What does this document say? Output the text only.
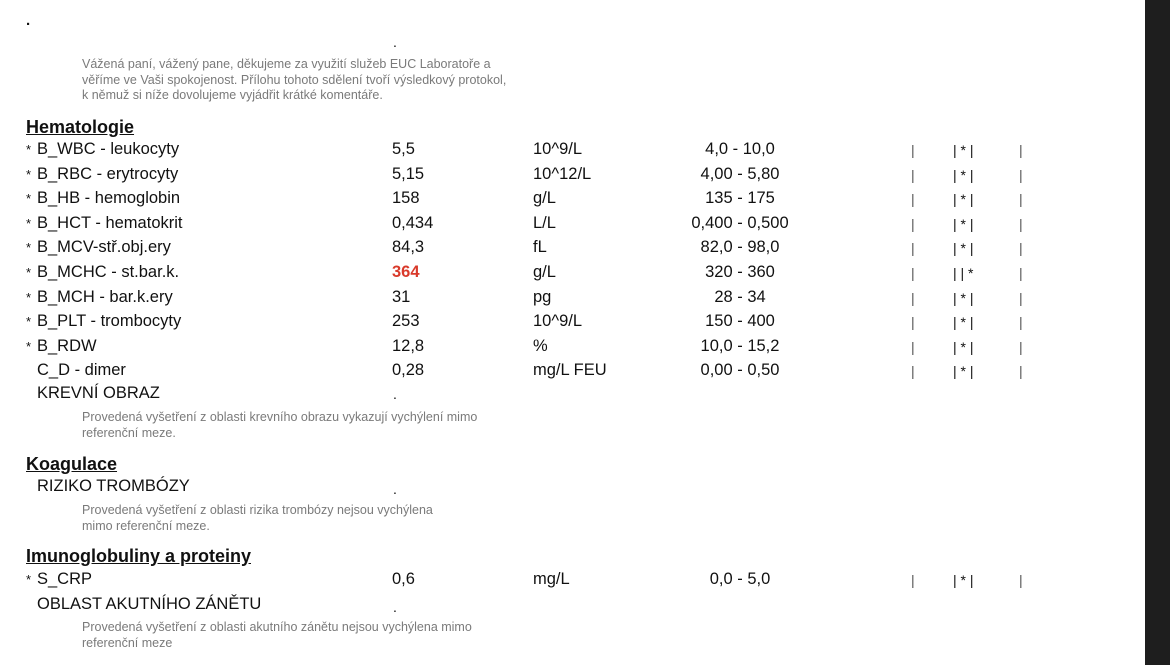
.
.
Vážená paní, vážený pane, děkujeme za využití služeb EUC Laboratoře a
věříme ve Vaši spokojenost. Přílohu tohoto sdělení tvoří výsledkový protokol,
k němuž si níže dovolujeme vyjádřit krátké komentáře.
Hematologie
* B_WBC - leukocyty	5,5	10^9/L	4,0 - 10,0	|	| * |	|
* B_RBC - erytrocyty	5,15	10^12/L	4,00 - 5,80	|	| * |	|
* B_HB - hemoglobin	158	g/L	135 - 175	|	| * |	|
* B_HCT - hematokrit	0,434	L/L	0,400 - 0,500	|	| * |	|
* B_MCV-stř.obj.ery	84,3	fL	82,0 - 98,0	|	| * |	|
* B_MCHC - st.bar.k.	364	g/L	320 - 360	|	| | *	|
* B_MCH - bar.k.ery	31	pg	28 - 34	|	| * |	|
* B_PLT - trombocyty	253	10^9/L	150 - 400	|	| * |	|
* B_RDW	12,8	%	10,0 - 15,2	|	| * |	|
C_D - dimer	0,28	mg/L FEU	0,00 - 0,50	|	| * |	|
KREVNÍ OBRAZ	.
Provedená vyšetření z oblasti krevního obrazu vykazují vychýlení mimo
referenční meze.
Koagulace
RIZIKO TROMBÓZY	.
Provedená vyšetření z oblasti rizika trombózy nejsou vychýlena
mimo referenční meze.
Imunoglobuliny a proteiny
* S_CRP	0,6	mg/L	0,0 - 5,0	|	| * |	|
OBLAST AKUTNÍHO ZÁNĚTU	.
Provedená vyšetření z oblasti akutního zánětu nejsou vychýlena mimo
referenční meze
